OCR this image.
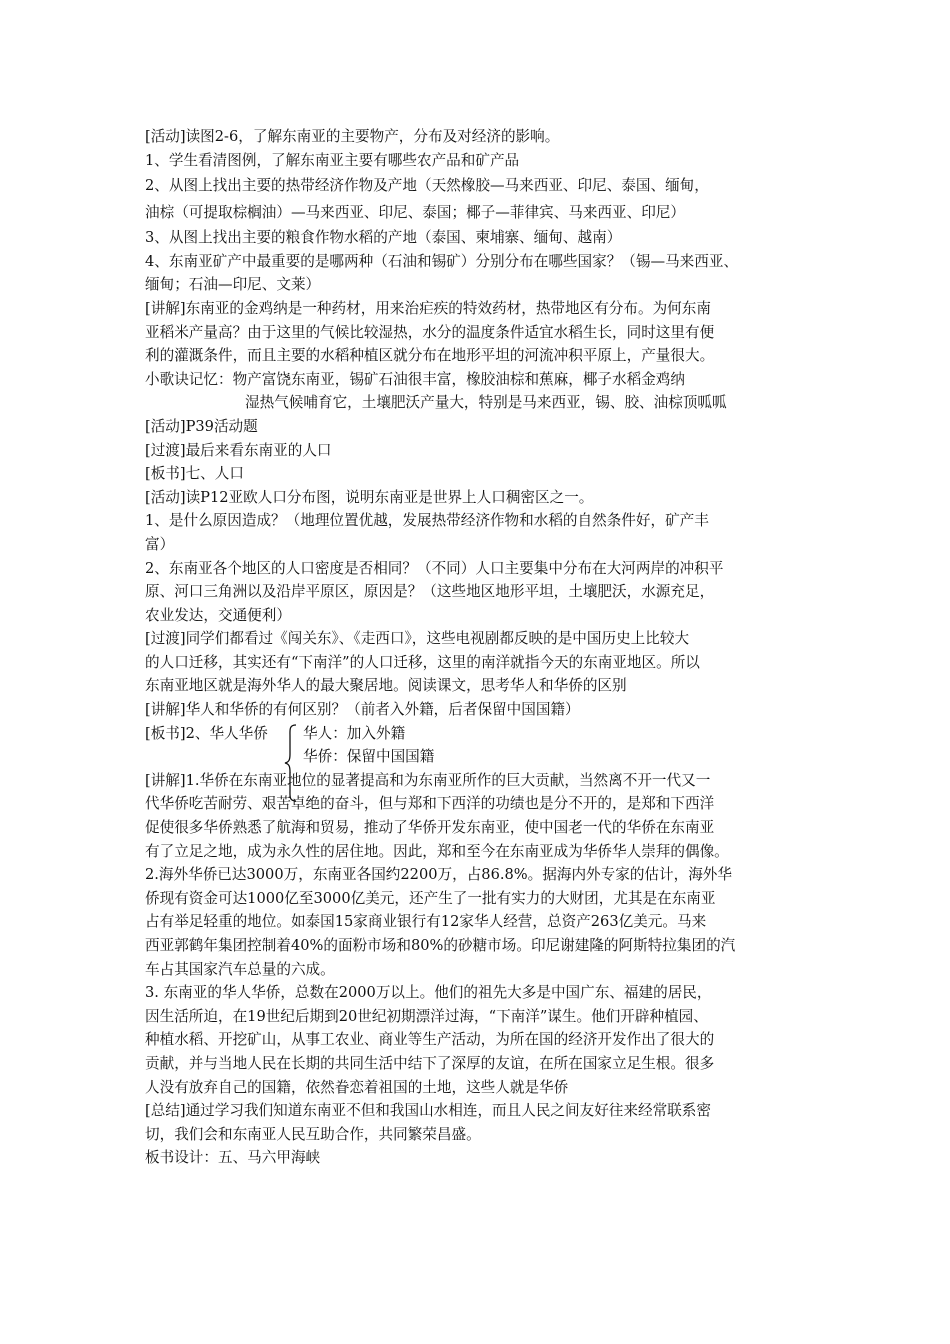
[活动]读图2-6，了解东南亚的主要物产，分布及对经济的影响。
1、学生看清图例，了解东南亚主要有哪些农产品和矿产品
2、从图上找出主要的热带经济作物及产地（天然橡胶—马来西亚、印尼、泰国、缅甸，
油棕（可提取棕榈油）—马来西亚、印尼、泰国；椰子—菲律宾、马来西亚、印尼）
3、从图上找出主要的粮食作物水稻的产地（泰国、柬埔寨、缅甸、越南）
4、东南亚矿产中最重要的是哪两种（石油和锡矿）分别分布在哪些国家？（锡—马来西亚、
缅甸；石油—印尼、文莱）
[讲解]东南亚的金鸡纳是一种药材，用来治疟疾的特效药材，热带地区有分布。为何东南
亚稻米产量高？由于这里的气候比较湿热，水分的温度条件适宜水稻生长，同时这里有便
利的灌溉条件，而且主要的水稻种植区就分布在地形平坦的河流冲积平原上，产量很大。
小歌诀记忆：物产富饶东南亚，锡矿石油很丰富，橡胶油棕和蕉麻，椰子水稻金鸡纳
湿热气候哺育它，土壤肥沃产量大，特别是马来西亚，锡、胶、油棕顶呱呱
[活动]P39活动题
[过渡]最后来看东南亚的人口
[板书]七、人口
[活动]读P12亚欧人口分布图，说明东南亚是世界上人口稠密区之一。
1、是什么原因造成？（地理位置优越，发展热带经济作物和水稻的自然条件好，矿产丰
富）
2、东南亚各个地区的人口密度是否相同？（不同）人口主要集中分布在大河两岸的冲积平
原、河口三角洲以及沿岸平原区，原因是？（这些地区地形平坦，土壤肥沃，水源充足，
农业发达，交通便利）
[过渡]同学们都看过《闯关东》、《走西口》，这些电视剧都反映的是中国历史上比较大
的人口迁移，其实还有“下南洋”的人口迁移，这里的南洋就指今天的东南亚地区。所以
东南亚地区就是海外华人的最大聚居地。阅读课文，思考华人和华侨的区别
[讲解]华人和华侨的有何区别？（前者入外籍，后者保留中国国籍）
[板书]2、华人华侨 华人：加入外籍
华侨：保留中国国籍
[讲解]1.华侨在东南亚地位的显著提高和为东南亚所作的巨大贡献，当然离不开一代又一
代华侨吃苦耐劳、艰苦卓绝的奋斗，但与郑和下西洋的功绩也是分不开的，是郑和下西洋
促使很多华侨熟悉了航海和贸易，推动了华侨开发东南亚，使中国老一代的华侨在东南亚
有了立足之地，成为永久性的居住地。因此，郑和至今在东南亚成为华侨华人崇拜的偶像。
2.海外华侨已达3000万，东南亚各国约2200万，占86.8%。据海内外专家的估计，海外华
侨现有资金可达1000亿至3000亿美元，还产生了一批有实力的大财团，尤其是在东南亚
占有举足轻重的地位。如泰国15家商业银行有12家华人经营，总资产263亿美元。马来
西亚郭鹤年集团控制着40%的面粉市场和80%的砂糖市场。印尼谢建隆的阿斯特拉集团的汽
车占其国家汽车总量的六成。
3. 东南亚的华人华侨，总数在2000万以上。他们的祖先大多是中国广东、福建的居民，
因生活所迫，在19世纪后期到20世纪初期漂洋过海，“下南洋”谋生。他们开辟种植园、
种植水稻、开挖矿山，从事工农业、商业等生产活动，为所在国的经济开发作出了很大的
贡献，并与当地人民在长期的共同生活中结下了深厚的友谊，在所在国家立足生根。很多
人没有放弃自己的国籍，依然眷恋着祖国的土地，这些人就是华侨
[总结]通过学习我们知道东南亚不但和我国山水相连，而且人民之间友好往来经常联系密
切，我们会和东南亚人民互助合作，共同繁荣昌盛。
板书设计：五、马六甲海峡
